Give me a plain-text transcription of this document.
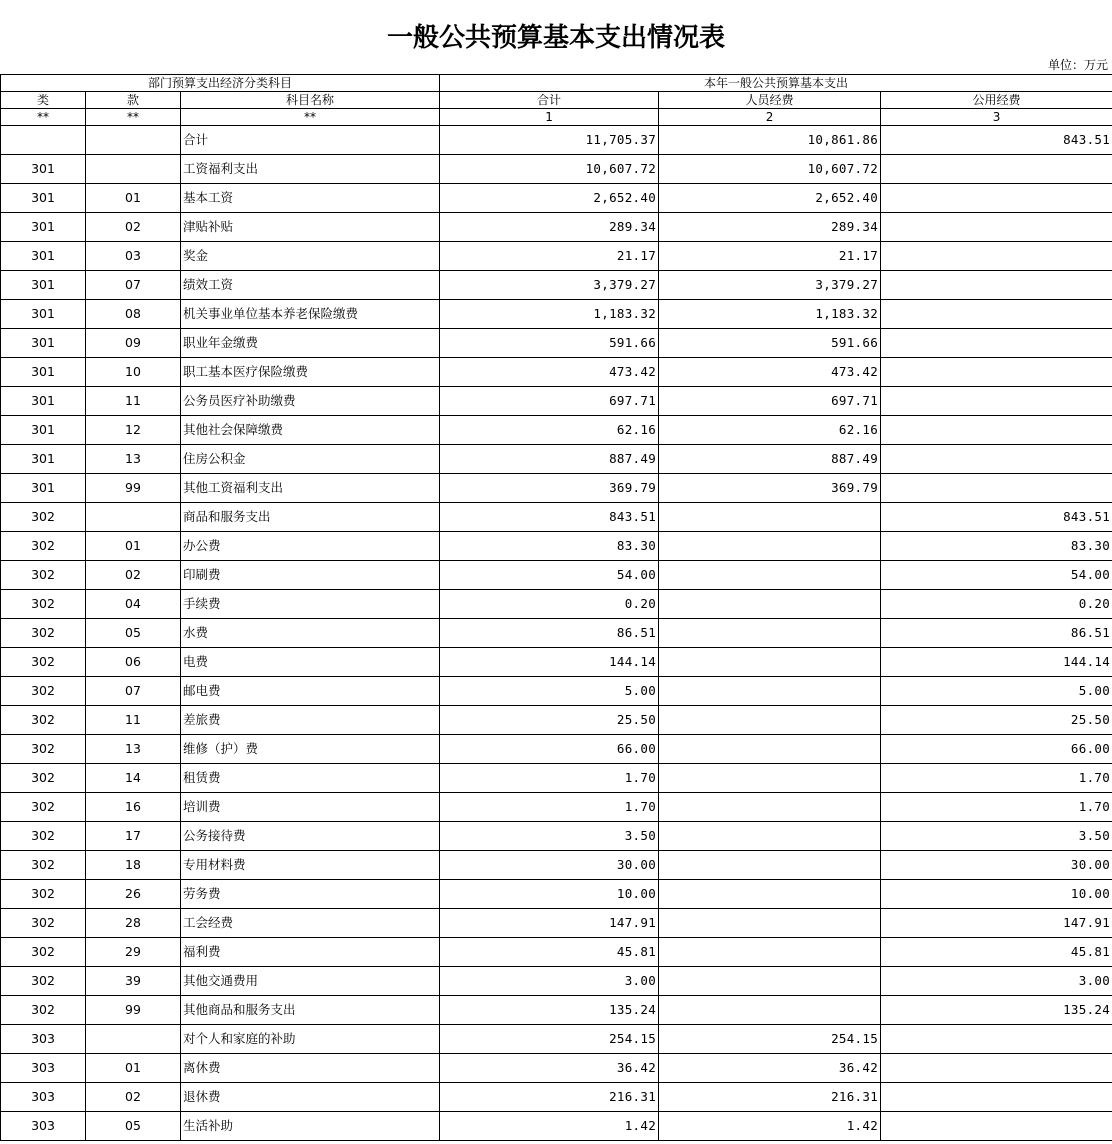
一般公共预算基本支出情况表
单位：万元
部门预算支出经济分类科目			本年一般公共预算基本支出		
类	款	科目名称	合计	人员经费	公用经费
**	**	**	1	2	3
		合计	11,705.37	10,861.86	843.51
301		工资福利支出	10,607.72	10,607.72	
301	01	基本工资	2,652.40	2,652.40	
301	02	津贴补贴	289.34	289.34	
301	03	奖金	21.17	21.17	
301	07	绩效工资	3,379.27	3,379.27	
301	08	机关事业单位基本养老保险缴费	1,183.32	1,183.32	
301	09	职业年金缴费	591.66	591.66	
301	10	职工基本医疗保险缴费	473.42	473.42	
301	11	公务员医疗补助缴费	697.71	697.71	
301	12	其他社会保障缴费	62.16	62.16	
301	13	住房公积金	887.49	887.49	
301	99	其他工资福利支出	369.79	369.79	
302		商品和服务支出	843.51		843.51
302	01	办公费	83.30		83.30
302	02	印刷费	54.00		54.00
302	04	手续费	0.20		0.20
302	05	水费	86.51		86.51
302	06	电费	144.14		144.14
302	07	邮电费	5.00		5.00
302	11	差旅费	25.50		25.50
302	13	维修（护）费	66.00		66.00
302	14	租赁费	1.70		1.70
302	16	培训费	1.70		1.70
302	17	公务接待费	3.50		3.50
302	18	专用材料费	30.00		30.00
302	26	劳务费	10.00		10.00
302	28	工会经费	147.91		147.91
302	29	福利费	45.81		45.81
302	39	其他交通费用	3.00		3.00
302	99	其他商品和服务支出	135.24		135.24
303		对个人和家庭的补助	254.15	254.15	
303	01	离休费	36.42	36.42	
303	02	退休费	216.31	216.31	
303	05	生活补助	1.42	1.42	
